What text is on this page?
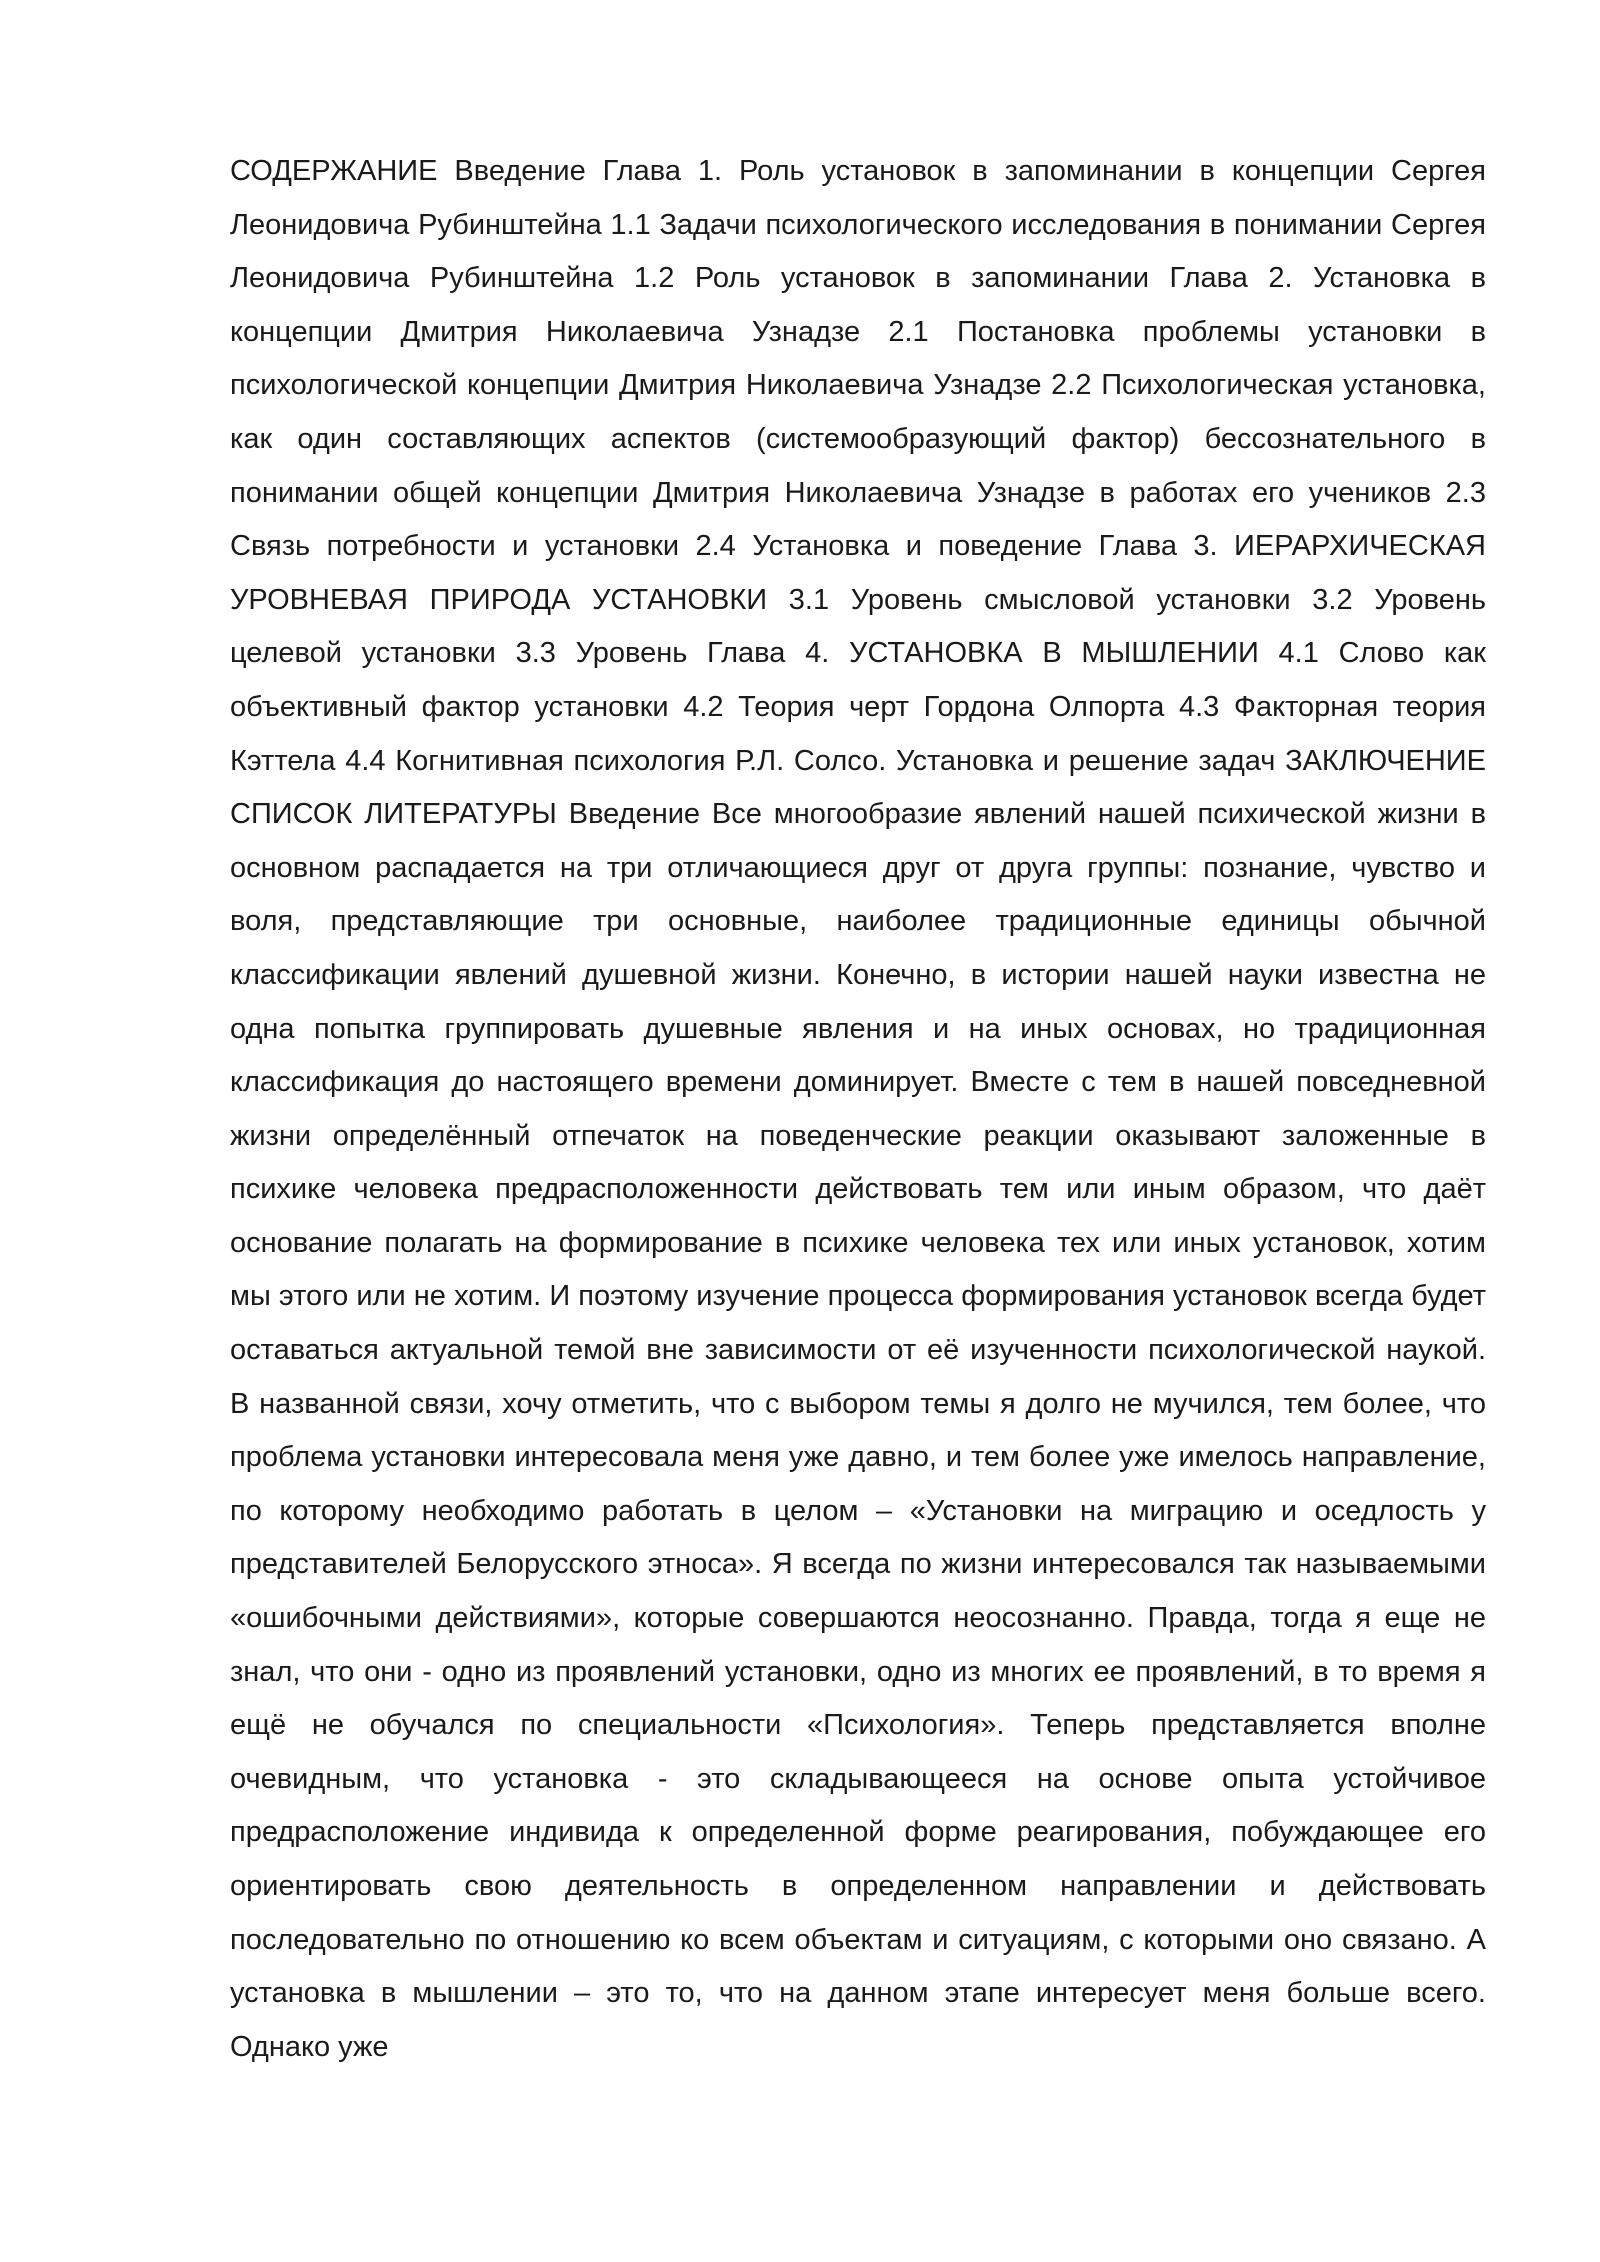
СОДЕРЖАНИЕ Введение Глава 1. Роль установок в запоминании в концепции Сергея Леонидовича Рубинштейна 1.1 Задачи психологического исследования в понимании Сергея Леонидовича Рубинштейна 1.2 Роль установок в запоминании Глава 2. Установка в концепции Дмитрия Николаевича Узнадзе 2.1 Постановка проблемы установки в психологической концепции Дмитрия Николаевича Узнадзе 2.2 Психологическая установка, как один составляющих аспектов (системообразующий фактор) бессознательного в понимании общей концепции Дмитрия Николаевича Узнадзе в работах его учеников 2.3 Связь потребности и установки 2.4 Установка и поведение Глава 3. ИЕРАРХИЧЕСКАЯ УРОВНЕВАЯ ПРИРОДА УСТАНОВКИ 3.1 Уровень смысловой установки 3.2 Уровень целевой установки 3.3 Уровень Глава 4. УСТАНОВКА В МЫШЛЕНИИ 4.1 Слово как объективный фактор установки 4.2 Теория черт Гордона Олпорта 4.3 Факторная теория Кэттела 4.4 Когнитивная психология Р.Л. Солсо. Установка и решение задач ЗАКЛЮЧЕНИЕ СПИСОК ЛИТЕРАТУРЫ Введение Все многообразие явлений нашей психической жизни в основном распадается на три отличающиеся друг от друга группы: познание, чувство и воля, представляющие три основные, наиболее традиционные единицы обычной классификации явлений душевной жизни. Конечно, в истории нашей науки известна не одна попытка группировать душевные явления и на иных основах, но традиционная классификация до настоящего времени доминирует. Вместе с тем в нашей повседневной жизни определённый отпечаток на поведенческие реакции оказывают заложенные в психике человека предрасположенности действовать тем или иным образом, что даёт основание полагать на формирование в психике человека тех или иных установок, хотим мы этого или не хотим. И поэтому изучение процесса формирования установок всегда будет оставаться актуальной темой вне зависимости от её изученности психологической наукой. В названной связи, хочу отметить, что с выбором темы я долго не мучился, тем более, что проблема установки интересовала меня уже давно, и тем более уже имелось направление, по которому необходимо работать в целом – «Установки на миграцию и оседлость у представителей Белорусского этноса». Я всегда по жизни интересовался так называемыми «ошибочными действиями», которые совершаются неосознанно. Правда, тогда я еще не знал, что они - одно из проявлений установки, одно из многих ее проявлений, в то время я ещё не обучался по специальности «Психология». Теперь представляется вполне очевидным, что установка - это складывающееся на основе опыта устойчивое предрасположение индивида к определенной форме реагирования, побуждающее его ориентировать свою деятельность в определенном направлении и действовать последовательно по отношению ко всем объектам и ситуациям, с которыми оно связано. А установка в мышлении – это то, что на данном этапе интересует меня больше всего. Однако уже
